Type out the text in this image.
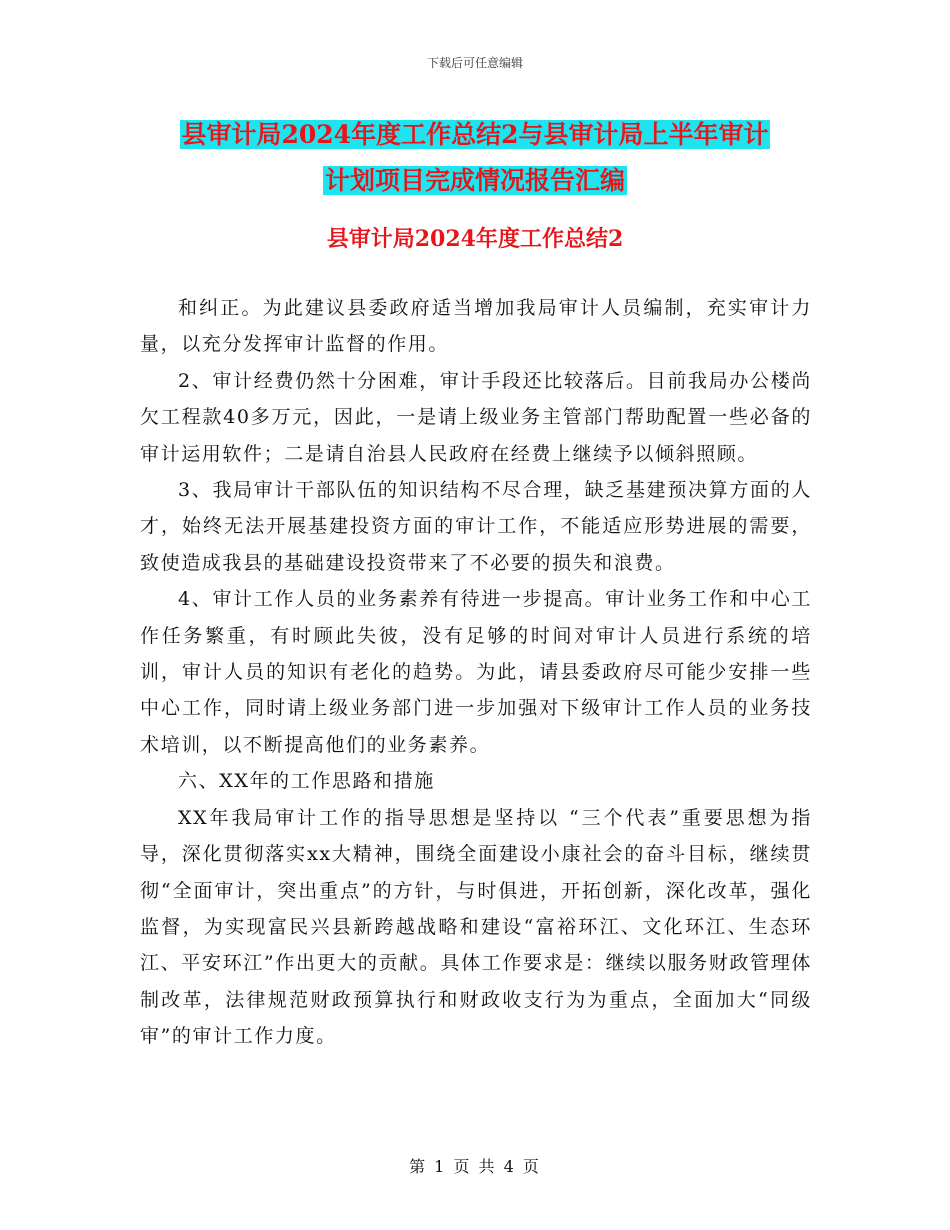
下载后可任意编辑
县审计局2024年度工作总结2与县审计局上半年审计
计划项目完成情况报告汇编
县审计局2024年度工作总结2

和纠正。为此建议县委政府适当增加我局审计人员编制，充实审计力量，以充分发挥审计监督的作用。

2、审计经费仍然十分困难，审计手段还比较落后。目前我局办公楼尚欠工程款40多万元，因此，一是请上级业务主管部门帮助配置一些必备的审计运用软件；二是请自治县人民政府在经费上继续予以倾斜照顾。

3、我局审计干部队伍的知识结构不尽合理，缺乏基建预决算方面的人才，始终无法开展基建投资方面的审计工作，不能适应形势进展的需要，致使造成我县的基础建设投资带来了不必要的损失和浪费。

4、审计工作人员的业务素养有待进一步提高。审计业务工作和中心工作任务繁重，有时顾此失彼，没有足够的时间对审计人员进行系统的培训，审计人员的知识有老化的趋势。为此，请县委政府尽可能少安排一些中心工作，同时请上级业务部门进一步加强对下级审计工作人员的业务技术培训，以不断提高他们的业务素养。

六、XX年的工作思路和措施

XX年我局审计工作的指导思想是坚持以 “三个代表”重要思想为指导，深化贯彻落实xx大精神，围绕全面建设小康社会的奋斗目标，继续贯彻“全面审计，突出重点”的方针，与时俱进，开拓创新，深化改革，强化监督，为实现富民兴县新跨越战略和建设“富裕环江、文化环江、生态环江、平安环江”作出更大的贡献。具体工作要求是：继续以服务财政管理体制改革，法律规范财政预算执行和财政收支行为为重点，全面加大“同级审”的审计工作力度。

第 1 页 共 4 页
